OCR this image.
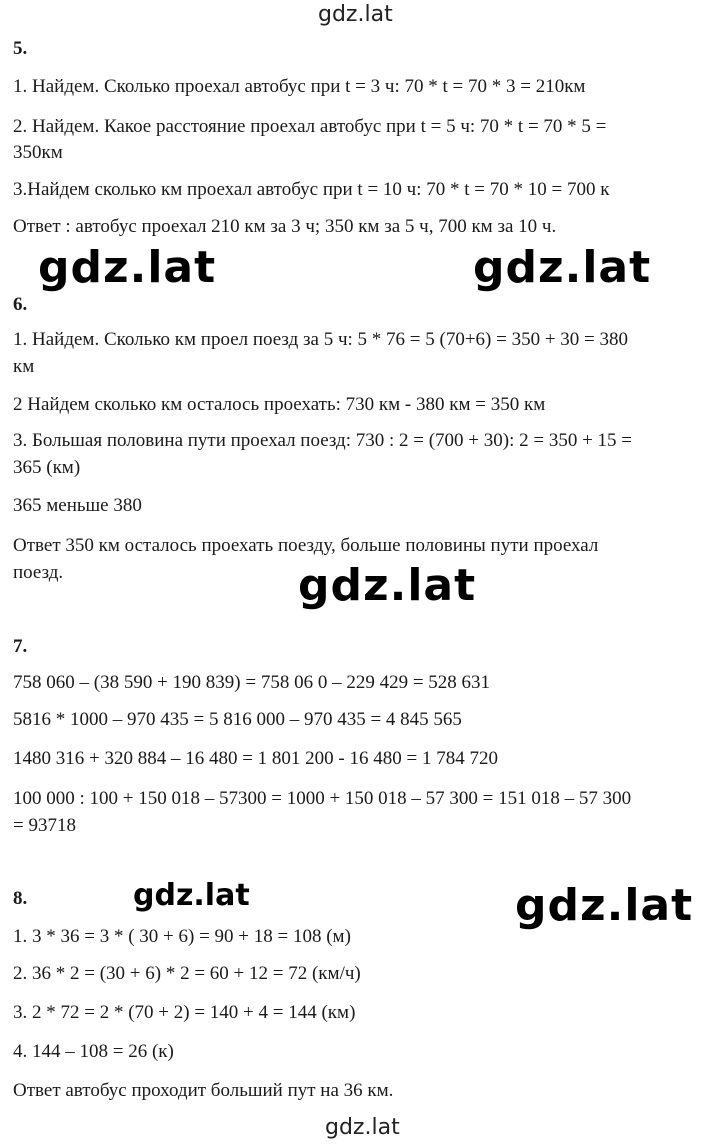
gdz.lat
gdz.lat	gdz.lat
gdz.lat
gdz.lat	gdz.lat
gdz.lat
5.
1. Найдем. Сколько проехал автобус при t = 3 ч: 70 * t = 70 * 3 = 210км
2. Найдем. Какое расстояние проехал автобус при t = 5 ч: 70 * t = 70 * 5 =
350км
3.Найдем сколько км проехал автобус при t = 10 ч: 70 * t = 70 * 10 = 700 к
Ответ : автобус проехал 210 км за 3 ч; 350 км за 5 ч, 700 км за 10 ч.
6.
1. Найдем. Сколько км проел поезд за 5 ч: 5 * 76 = 5 (70+6) = 350 + 30 = 380
км
2 Найдем сколько км осталось проехать: 730 км - 380 км = 350 км
3. Большая половина пути проехал поезд: 730 : 2 = (700 + 30): 2 = 350 + 15 =
365 (км)
365 меньше 380
Ответ 350 км осталось проехать поезду, больше половины пути проехал
поезд.
7.
758 060 – (38 590 + 190 839) = 758 06 0 – 229 429 = 528 631
5816 * 1000 – 970 435 = 5 816 000 – 970 435 = 4 845 565
1480 316 + 320 884 – 16 480 = 1 801 200 - 16 480 = 1 784 720
100 000 : 100 + 150 018 – 57300 = 1000 + 150 018 – 57 300 = 151 018 – 57 300
= 93718
8.
1. 3 * 36 = 3 * ( 30 + 6) = 90 + 18 = 108 (м)
2. 36 * 2 = (30 + 6) * 2 = 60 + 12 = 72 (км/ч)
3. 2 * 72 = 2 * (70 + 2) = 140 + 4 = 144 (км)
4. 144 – 108 = 26 (к)
Ответ автобус проходит больший пут на 36 км.
